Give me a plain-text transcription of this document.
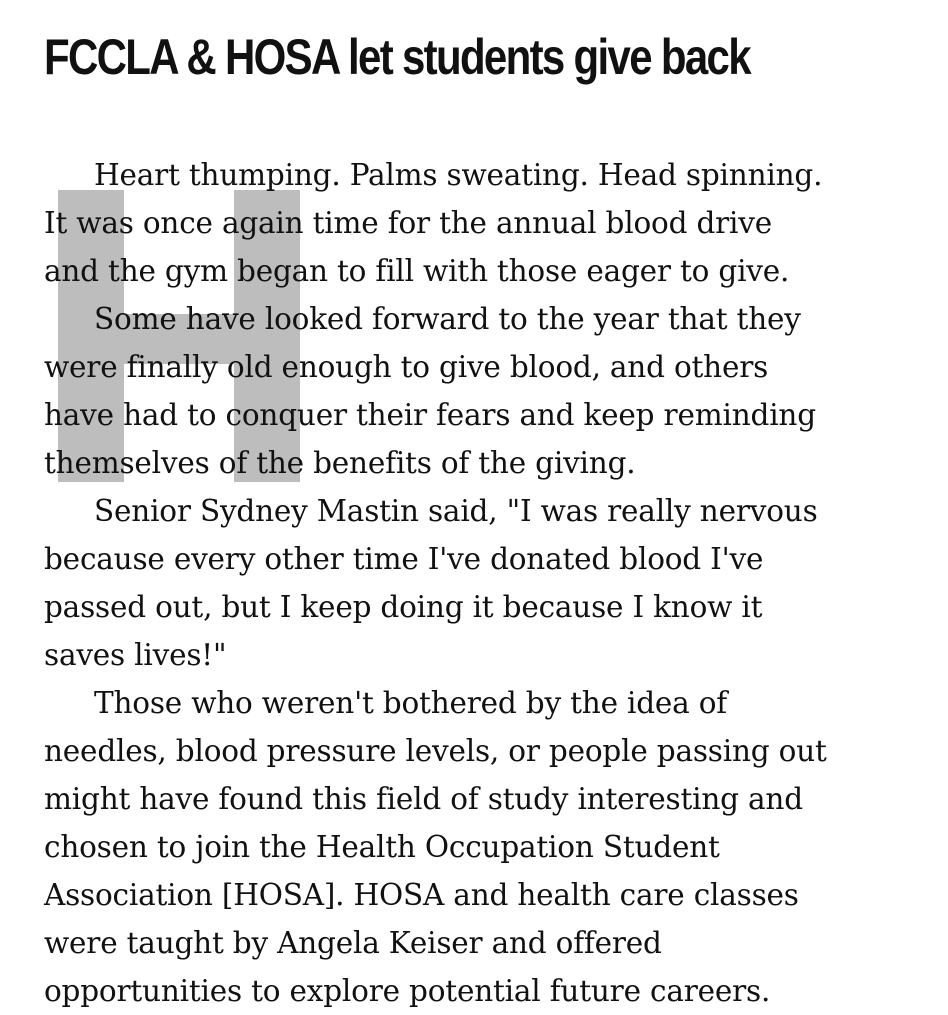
FCCLA & HOSA let students give back
Heart thumping. Palms sweating. Head spinning.
It was once again time for the annual blood drive
and the gym began to fill with those eager to give.
Some have looked forward to the year that they
were finally old enough to give blood, and others
have had to conquer their fears and keep reminding
themselves of the benefits of the giving.
Senior Sydney Mastin said, "I was really nervous
because every other time I've donated blood I've
passed out, but I keep doing it because I know it
saves lives!"
Those who weren't bothered by the idea of
needles, blood pressure levels, or people passing out
might have found this field of study interesting and
chosen to join the Health Occupation Student
Association [HOSA]. HOSA and health care classes
were taught by Angela Keiser and offered
opportunities to explore potential future careers.
